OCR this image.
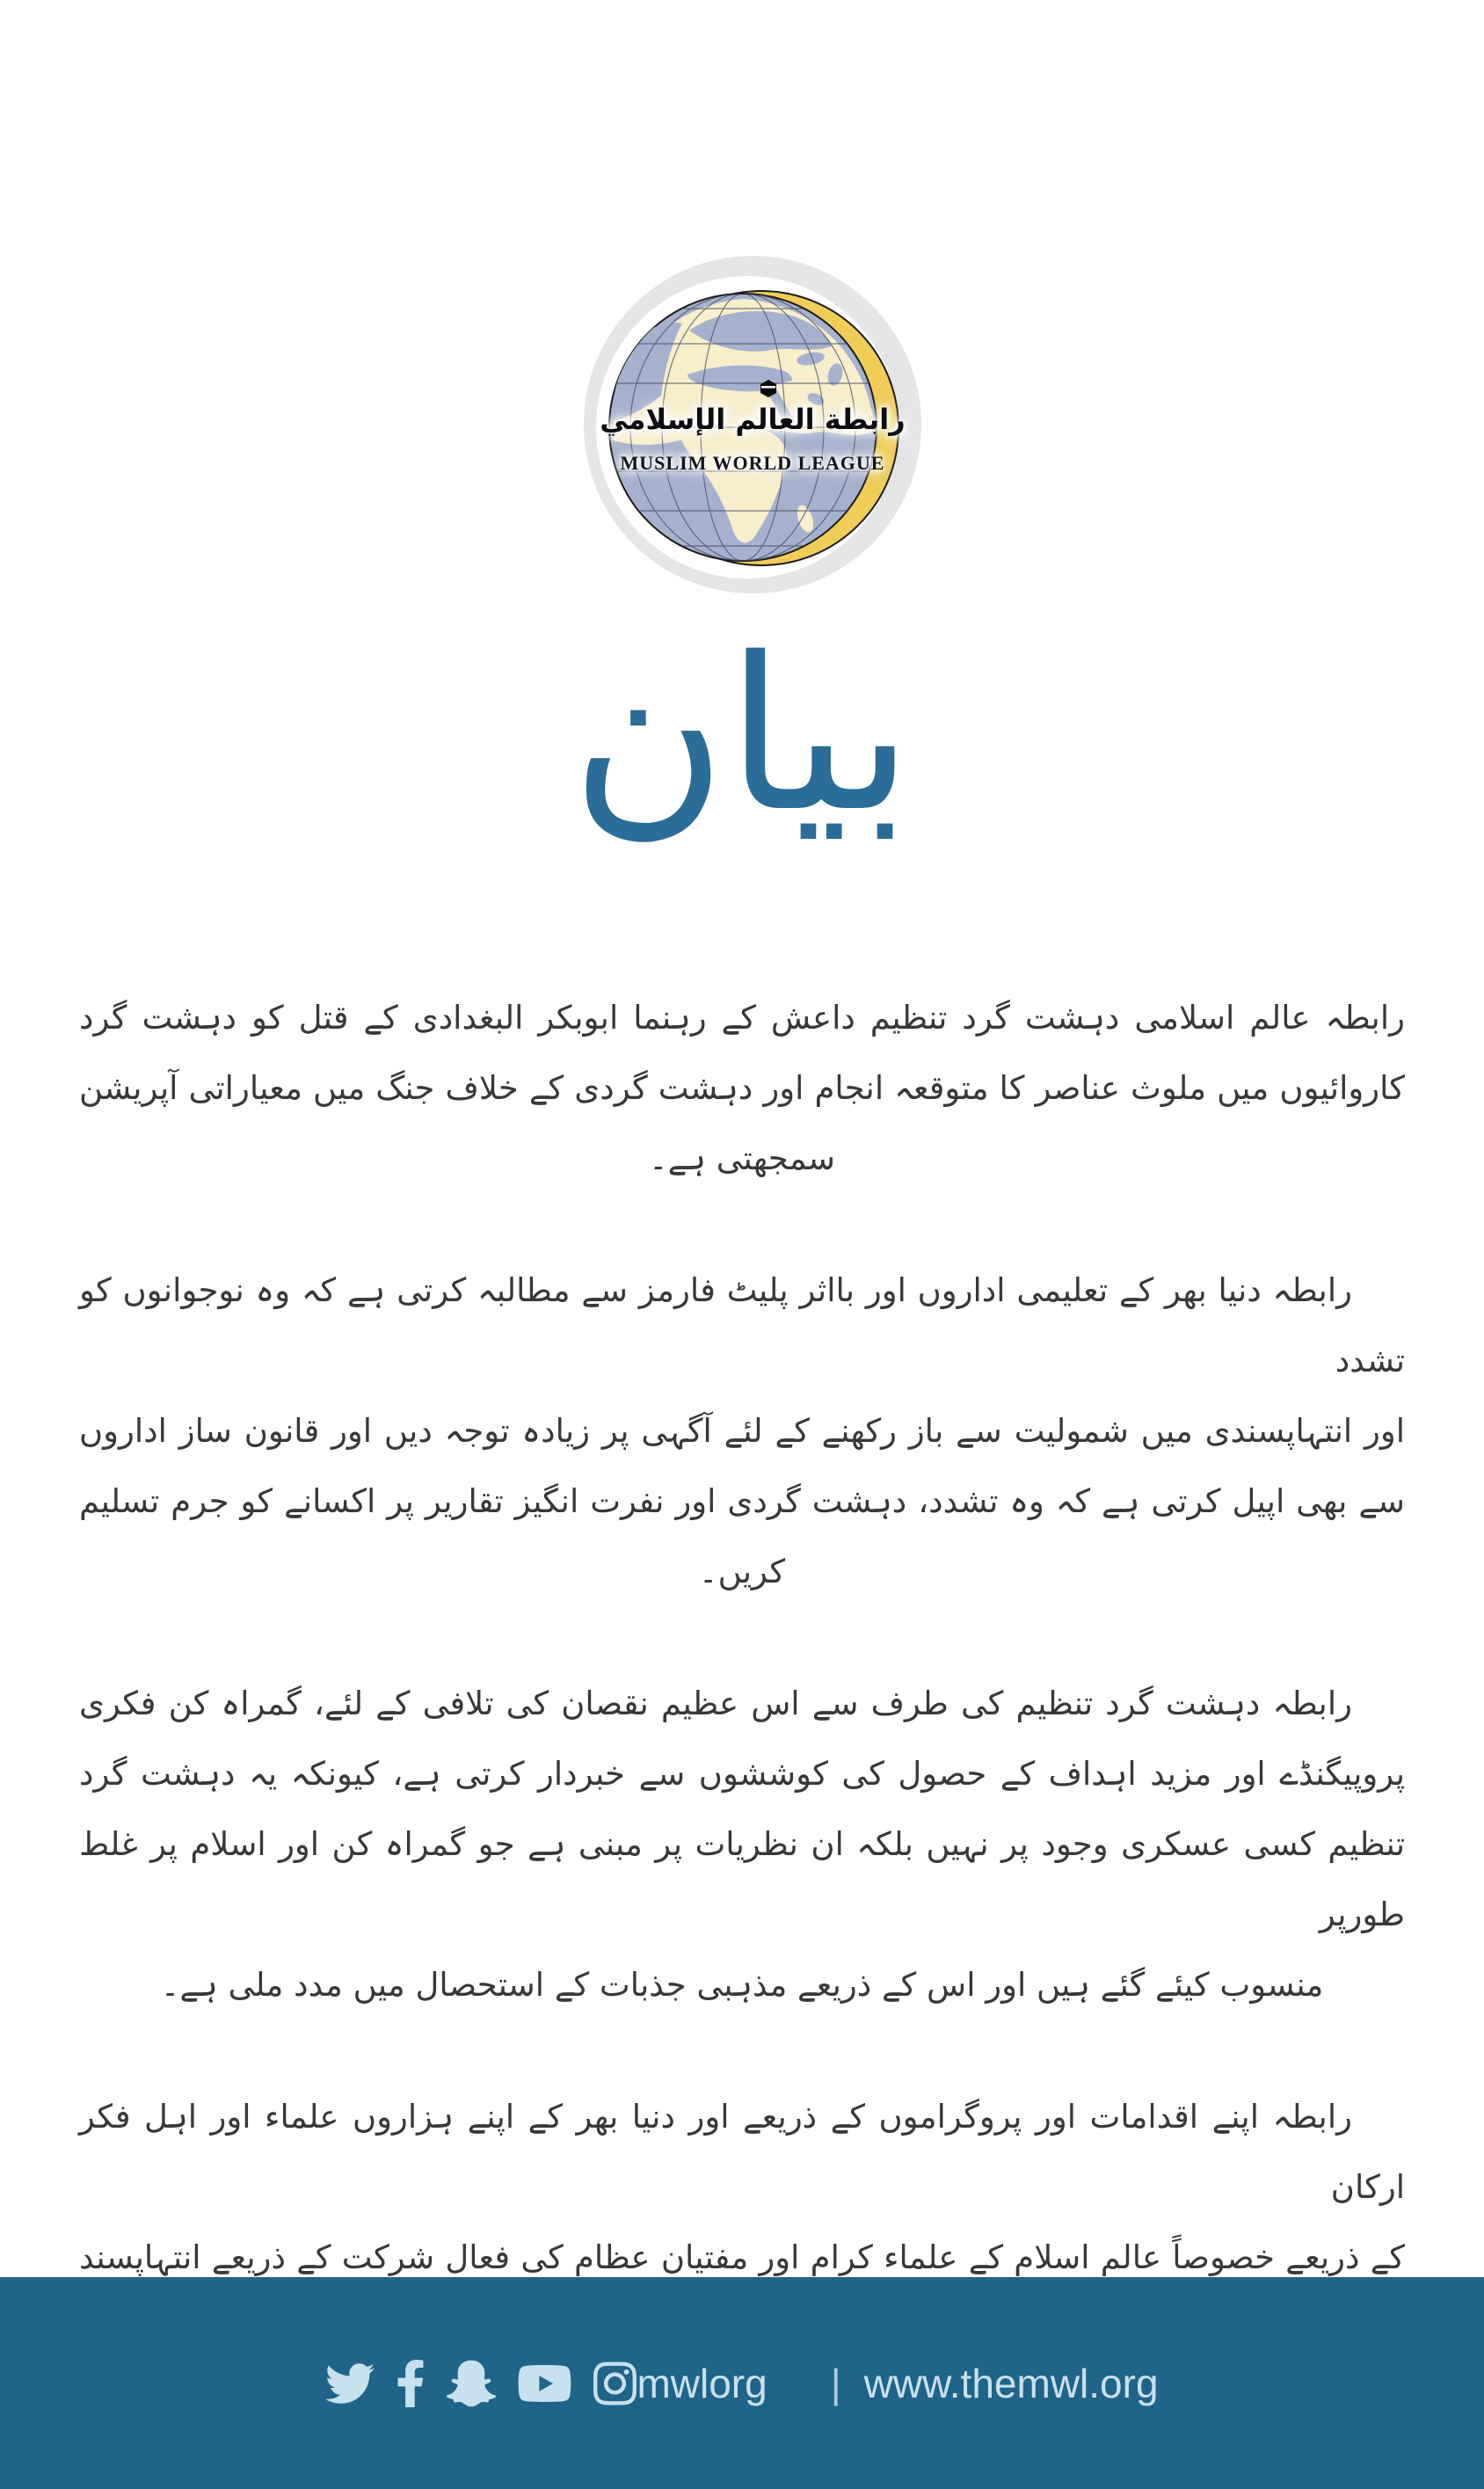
رابطة العالم الإسلامي
MUSLIM WORLD LEAGUE
بیان
رابطہ عالم اسلامی دہشت گرد تنظیم داعش کے رہنما ابوبکر البغدادی کے قتل کو دہشت گرد
کاروائیوں میں ملوث عناصر کا متوقعہ انجام اور دہشت گردی کے خلاف جنگ میں معیاراتی آپریشن
سمجھتی ہے۔
رابطہ دنیا بھر کے تعلیمی اداروں اور بااثر پلیٹ فارمز سے مطالبہ کرتی ہے کہ وہ نوجوانوں کو تشدد
اور انتہاپسندی میں شمولیت سے باز رکھنے کے لئے آگہی پر زیادہ توجہ دیں اور قانون ساز اداروں
سے بھی اپیل کرتی ہے کہ وہ تشدد، دہشت گردی اور نفرت انگیز تقاریر پر اکسانے کو جرم تسلیم
کریں۔
رابطہ دہشت گرد تنظیم کی طرف سے اس عظیم نقصان کی تلافی کے لئے، گمراہ کن فکری
پروپیگنڈے اور مزید اہداف کے حصول کی کوششوں سے خبردار کرتی ہے، کیونکہ یہ دہشت گرد
تنظیم کسی عسکری وجود پر نہیں بلکہ ان نظریات پر مبنی ہے جو گمراہ کن اور اسلام پر غلط طورپر
منسوب کیئے گئے ہیں اور اس کے ذریعے مذہبی جذبات کے استحصال میں مدد ملی ہے۔
رابطہ اپنے اقدامات اور پروگراموں کے ذریعے اور دنیا بھر کے اپنے ہزاروں علماء اور اہل فکر ارکان
کے ذریعے خصوصاً عالم اسلام کے علماء کرام اور مفتیان عظام کی فعال شرکت کے ذریعے انتہاپسند
mwlorg | www.themwl.org
